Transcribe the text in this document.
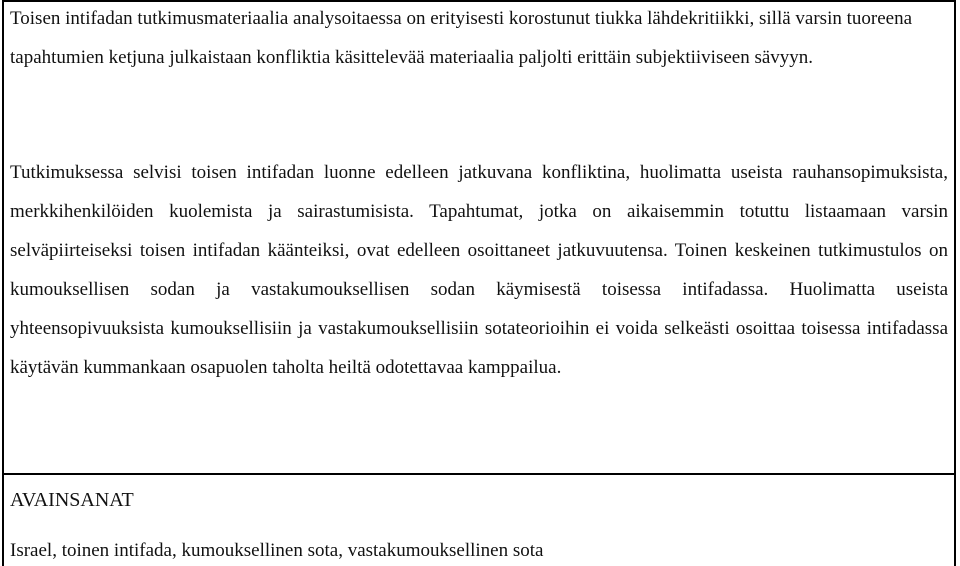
Toisen intifadan tutkimusmateriaalia analysoitaessa on erityisesti korostunut tiukka lähdekritiikki, sillä varsin tuoreena tapahtumien ketjuna julkaistaan konfliktia käsittelevää materiaalia paljolti erittäin subjektiiviseen sävyyn.

Tutkimuksessa selvisi toisen intifadan luonne edelleen jatkuvana konfliktina, huolimatta useista rauhansopimuksista, merkkihenkilöiden kuolemista ja sairastumisista. Tapahtumat, jotka on aikaisemmin totuttu listaamaan varsin selväpiirteiseksi toisen intifadan käänteiksi, ovat edelleen osoittaneet jatkuvuutensa. Toinen keskeinen tutkimustulos on kumouksellisen sodan ja vastakumouksellisen sodan käymisestä toisessa intifadassa. Huolimatta useista yhteensopivuuksista kumouksellisiin ja vastakumouksellisiin sotateorioihin ei voida selkeästi osoittaa toisessa intifadassa käytävän kummankaan osapuolen taholta heiltä odotettavaa kamppailua.

AVAINSANAT

Israel, toinen intifada, kumouksellinen sota, vastakumouksellinen sota
